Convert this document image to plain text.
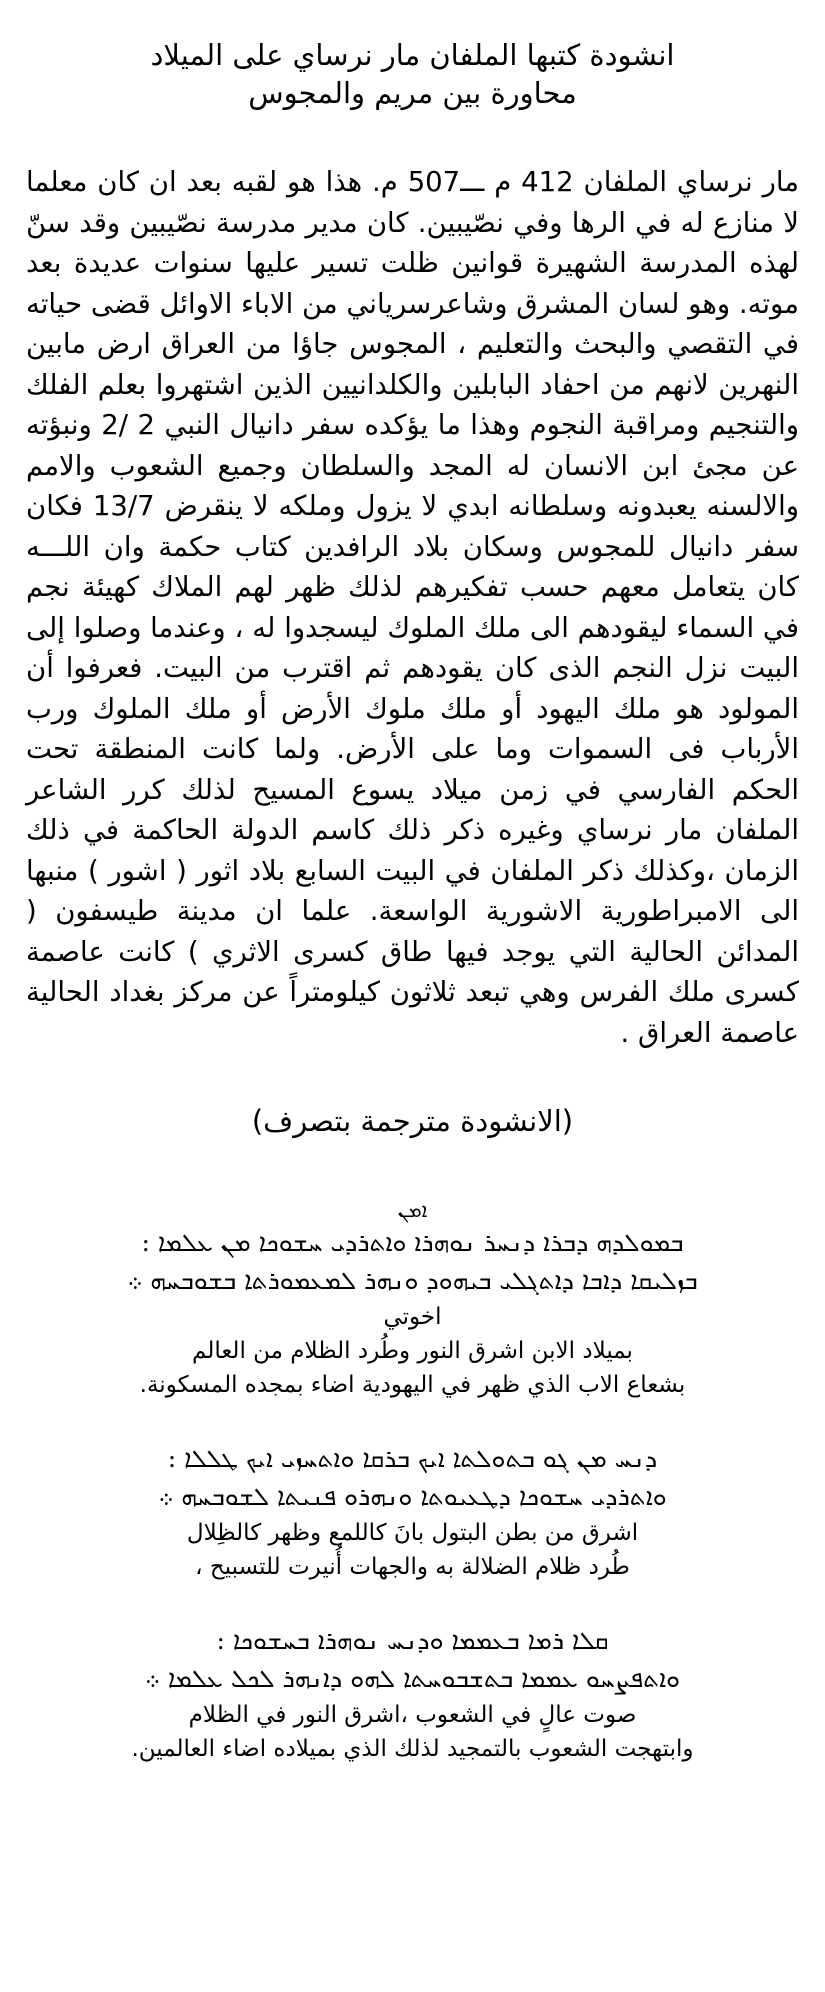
انشودة كتبها الملفان مار نرساي على الميلاد
محاورة بين مريم والمجوس
مار نرساي الملفان 412 م ـــ507 م. هذا هو لقبه بعد ان كان معلما لا منازع له في الرها وفي نصّيبين. كان مدير مدرسة نصّيبين وقد سنّ لهذه المدرسة الشهيرة قوانين ظلت تسير عليها سنوات عديدة بعد موته. وهو لسان المشرق وشاعرسرياني من الاباء الاوائل قضى حياته في التقصي والبحث والتعليم ، المجوس جاؤا من العراق ارض مابين النهرين لانهم من احفاد البابلين والكلدانيين الذين اشتهروا بعلم الفلك والتنجيم ومراقبة النجوم وهذا ما يؤكده سفر دانيال النبي 2 /2 ونبؤته عن مجئ ابن الانسان له المجد والسلطان وجميع الشعوب والامم والالسنه يعبدونه وسلطانه ابدي لا يزول وملكه لا ينقرض 13/7 فكان سفر دانيال للمجوس وسكان بلاد الرافدين كتاب حكمة وان اللـــه كان يتعامل معهم حسب تفكيرهم لذلك ظهر لهم الملاك كهيئة نجم في السماء ليقودهم الى ملك الملوك ليسجدوا له ، وعندما وصلوا إلى البيت نزل النجم الذى كان يقودهم ثم اقترب من البيت. فعرفوا أن المولود هو ملك اليهود أو ملك ملوك الأرض أو ملك الملوك ورب الأرباب فى السموات وما على الأرض. ولما كانت المنطقة تحت الحكم الفارسي في زمن ميلاد يسوع المسيح لذلك كرر الشاعر الملفان مار نرساي وغيره ذكر ذلك كاسم الدولة الحاكمة في ذلك الزمان ،وكذلك ذكر الملفان في البيت السابع بلاد اثور ( اشور ) منبها الى الامبراطورية الاشورية الواسعة. علما ان مدينة طيسفون ( المدائن الحالية التي يوجد فيها طاق كسرى الاثري ) كانت عاصمة كسرى ملك الفرس وهي تبعد ثلاثون كيلومتراً عن مركز بغداد الحالية عاصمة العراق .
(الانشودة مترجمة بتصرف)
ܐܡܢ
ܒܡܘܠܕܗ ܕܒܪܐ ܕܢܚܪ ܢܘܗܪܐ ܘܐܬܪܕܝ ܚܫܘܟܐ ܡܢ ܥܠܡܐ :
ܒܙܠܝܩܐ ܕܐܒܐ ܕܐܬܓܠܝ ܒܝܗܘܕ ܘܢܗܪ ܠܡܥܡܘܪܬܐ ܒܫܘܒܚܗ ܀
اخوتي
بميلاد الابن اشرق النور وطُرد الظلام من العالم
بشعاع الاب الذي ظهر في اليهودية اضاء بمجده المسكونة.
ܕܢܚ ܡܢ ܓܘ ܒܬܘܠܬܐ ܐܝܟ ܒܪܩܐ ܘܐܬܚܙܝ ܐܝܟ ܛܠܠܐ :
ܘܐܬܪܕܝ ܚܫܘܟܐ ܕܛܥܝܘܬܐ ܘܢܗܪܘ ܦܢܝܬܐ ܠܫܘܒܚܗ ܀
اشرق من بطن البتول بانَ كاللمع وظهر كالظِلال
طُرد ظلام الضلالة به والجهات أُنيرت للتسبيح ،
ܩܠܐ ܪܡܐ ܒܥܡܡܐ ܘܕܢܚ ܢܘܗܪܐ ܒܚܫܘܟܐ :
ܘܐܬܦܨܚܘ ܥܡܡܐ ܒܬܫܒܘܚܬܐ ܠܗܘ ܕܐܢܗܪ ܠܟܠ ܥܠܡܐ ܀
صوت عالٍ في الشعوب ،اشرق النور في الظلام
وابتهجت الشعوب بالتمجيد لذلك الذي بميلاده اضاء العالمين.
